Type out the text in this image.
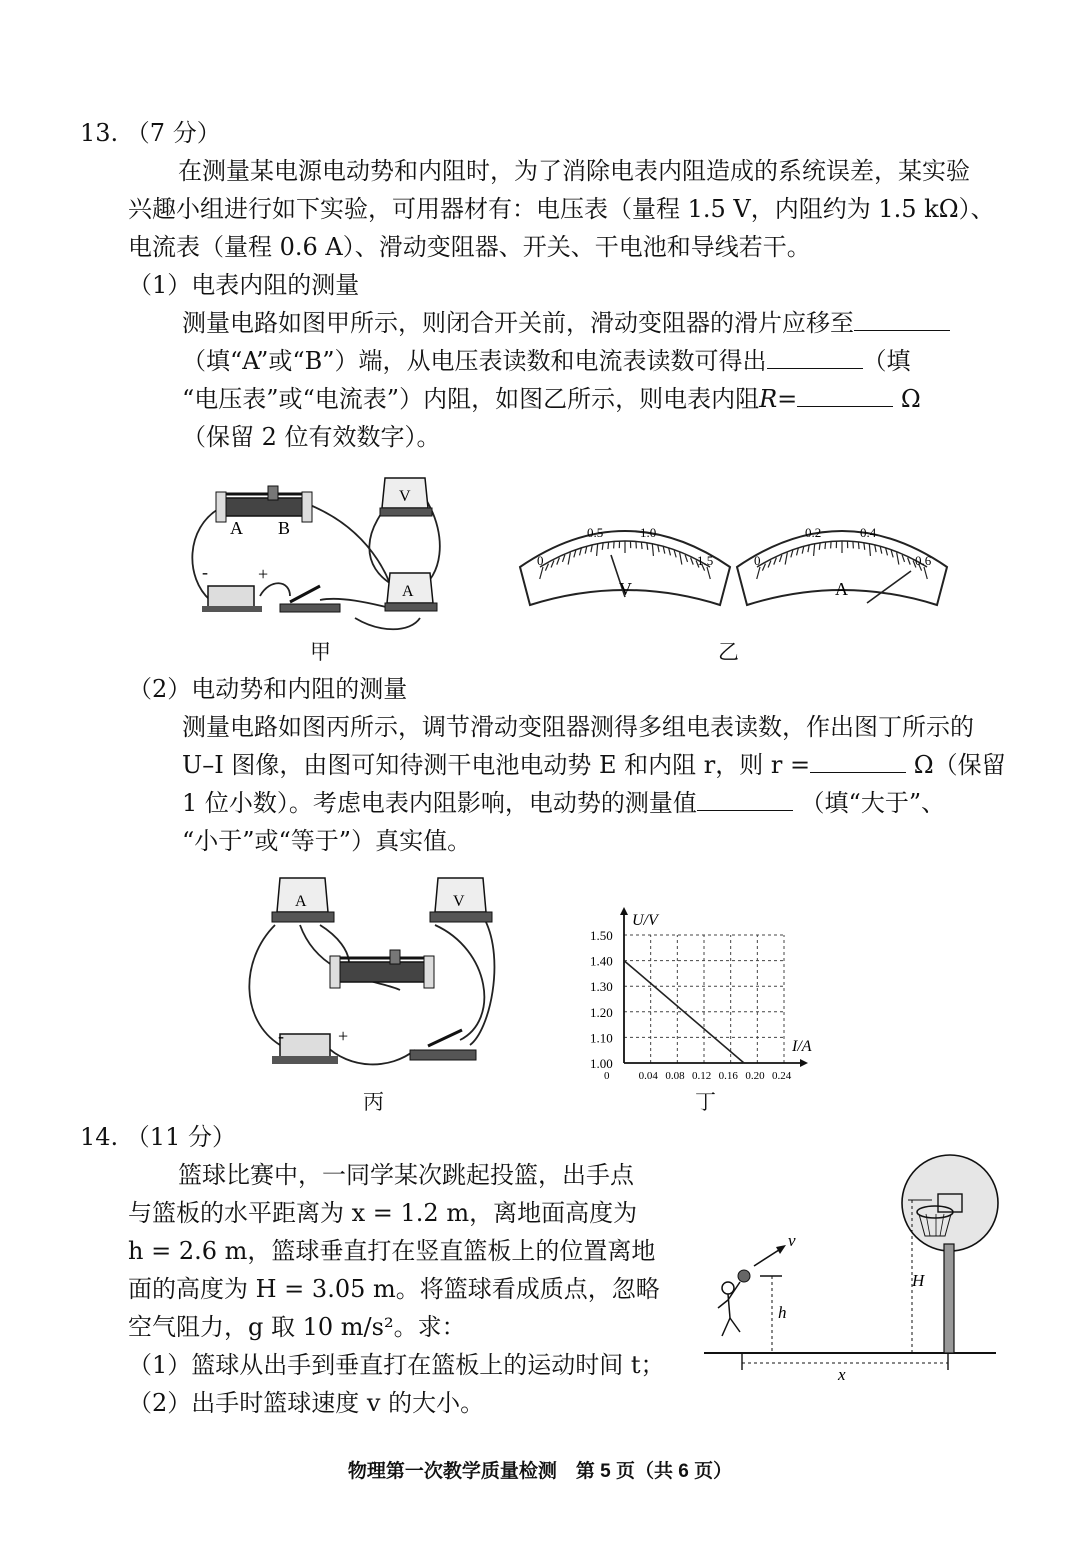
13. （7 分）
在测量某电源电动势和内阻时，为了消除电表内阻造成的系统误差，某实验
兴趣小组进行如下实验，可用器材有：电压表（量程 1.5 V，内阻约为 1.5 kΩ）、
电流表（量程 0.6 A）、滑动变阻器、开关、干电池和导线若干。
（1）电表内阻的测量
测量电路如图甲所示，则闭合开关前，滑动变阻器的滑片应移至
（填“A”或“B”）端，从电压表读数和电流表读数可得出	（填
“电压表”或“电流表”）内阻，如图乙所示，则电表内阻R=	Ω
（保留 2 位有效数字）。
A B
V
A
-	+
甲
0
0.5	1.0
1.5
V
0
0.2	0.4
0.6
A
乙
（2）电动势和内阻的测量
测量电路如图丙所示，调节滑动变阻器测得多组电表读数，作出图丁所示的
U–I 图像，由图可知待测干电池电动势 E 和内阻 r，则 r =	Ω（保留
1 位小数）。考虑电表内阻影响，电动势的测量值	（填“大于”、
“小于”或“等于”）真实值。
A	V
-	+
丙
1.00
1.10
1.20
1.30
1.40
1.50
0	0.04 0.08 0.12 0.16 0.20 0.24
U/V
I/A
丁
14. （11 分）
篮球比赛中，一同学某次跳起投篮，出手点
与篮板的水平距离为 x = 1.2 m，离地面高度为
h = 2.6 m，篮球垂直打在竖直篮板上的位置离地
面的高度为 H = 3.05 m。将篮球看成质点，忽略
空气阻力，g 取 10 m/s²。求：
（1）篮球从出手到垂直打在篮板上的运动时间 t；
（2）出手时篮球速度 v 的大小。
x
H
h
v
物理第一次教学质量检测　第 5 页（共 6 页）
